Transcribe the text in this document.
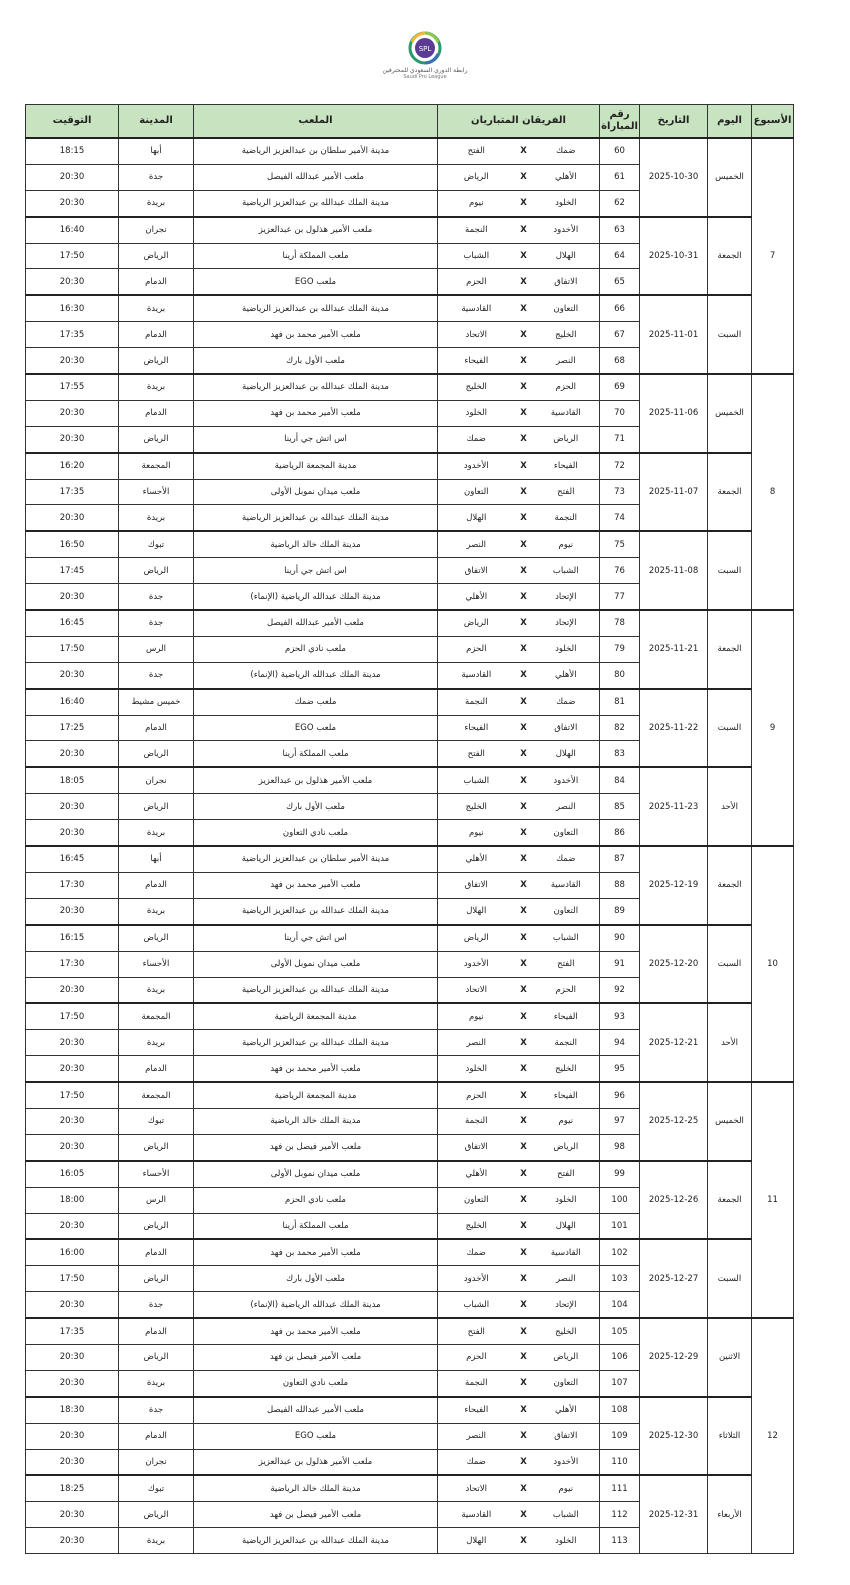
SPL
رابطة الدوري السعودي للمحترفين
Saudi Pro League
الأسبوع	اليوم	التاريخ	رقم المباراة	الفريقان المتباريان			الملعب	المدينة	التوقيت
7	الخميس	2025-10-30	60	ضمك	X	الفتح	مدينة الأمير سلطان بن عبدالعزيز الرياضية	أبها	18:15
			61	الأهلي	X	الرياض	ملعب الأمير عبدالله الفيصل	جدة	20:30
			62	الخلود	X	نيوم	مدينة الملك عبدالله بن عبدالعزيز الرياضية	بريدة	20:30
	الجمعة	2025-10-31	63	الأخدود	X	النجمة	ملعب الأمير هذلول بن عبدالعزيز	نجران	16:40
			64	الهلال	X	الشباب	ملعب المملكة أرينا	الرياض	17:50
			65	الاتفاق	X	الحزم	ملعب EGO	الدمام	20:30
	السبت	2025-11-01	66	التعاون	X	القادسية	مدينة الملك عبدالله بن عبدالعزيز الرياضية	بريدة	16:30
			67	الخليج	X	الاتحاد	ملعب الأمير محمد بن فهد	الدمام	17:35
			68	النصر	X	الفيحاء	ملعب الأول بارك	الرياض	20:30
8	الخميس	2025-11-06	69	الحزم	X	الخليج	مدينة الملك عبدالله بن عبدالعزيز الرياضية	بريدة	17:55
			70	القادسية	X	الخلود	ملعب الأمير محمد بن فهد	الدمام	20:30
			71	الرياض	X	ضمك	اس اتش جي أرينا	الرياض	20:30
	الجمعة	2025-11-07	72	الفيحاء	X	الأخدود	مدينة المجمعة الرياضية	المجمعة	16:20
			73	الفتح	X	التعاون	ملعب ميدان نموبل الأولى	الأحساء	17:35
			74	النجمة	X	الهلال	مدينة الملك عبدالله بن عبدالعزيز الرياضية	بريدة	20:30
	السبت	2025-11-08	75	نيوم	X	النصر	مدينة الملك خالد الرياضية	تبوك	16:50
			76	الشباب	X	الاتفاق	اس اتش جي أرينا	الرياض	17:45
			77	الإتحاد	X	الأهلي	مدينة الملك عبدالله الرياضية (الإنماء)	جدة	20:30
9	الجمعة	2025-11-21	78	الإتحاد	X	الرياض	ملعب الأمير عبدالله الفيصل	جدة	16:45
			79	الخلود	X	الحزم	ملعب نادي الحزم	الرس	17:50
			80	الأهلي	X	القادسية	مدينة الملك عبدالله الرياضية (الإنماء)	جدة	20:30
	السبت	2025-11-22	81	ضمك	X	النجمة	ملعب ضمك	خميس مشيط	16:40
			82	الاتفاق	X	الفيحاء	ملعب EGO	الدمام	17:25
			83	الهلال	X	الفتح	ملعب المملكة أرينا	الرياض	20:30
	الأحد	2025-11-23	84	الأخدود	X	الشباب	ملعب الأمير هذلول بن عبدالعزيز	نجران	18:05
			85	النصر	X	الخليج	ملعب الأول بارك	الرياض	20:30
			86	التعاون	X	نيوم	ملعب نادي التعاون	بريدة	20:30
10	الجمعة	2025-12-19	87	ضمك	X	الأهلي	مدينة الأمير سلطان بن عبدالعزيز الرياضية	أبها	16:45
			88	القادسية	X	الاتفاق	ملعب الأمير محمد بن فهد	الدمام	17:30
			89	التعاون	X	الهلال	مدينة الملك عبدالله بن عبدالعزيز الرياضية	بريدة	20:30
	السبت	2025-12-20	90	الشباب	X	الرياض	اس اتش جي أرينا	الرياض	16:15
			91	الفتح	X	الأخدود	ملعب ميدان نموبل الأولى	الأحساء	17:30
			92	الحزم	X	الاتحاد	مدينة الملك عبدالله بن عبدالعزيز الرياضية	بريدة	20:30
	الأحد	2025-12-21	93	الفيحاء	X	نيوم	مدينة المجمعة الرياضية	المجمعة	17:50
			94	النجمة	X	النصر	مدينة الملك عبدالله بن عبدالعزيز الرياضية	بريدة	20:30
			95	الخليج	X	الخلود	ملعب الأمير محمد بن فهد	الدمام	20:30
11	الخميس	2025-12-25	96	الفيحاء	X	الحزم	مدينة المجمعة الرياضية	المجمعة	17:50
			97	نيوم	X	النجمة	مدينة الملك خالد الرياضية	تبوك	20:30
			98	الرياض	X	الاتفاق	ملعب الأمير فيصل بن فهد	الرياض	20:30
	الجمعة	2025-12-26	99	الفتح	X	الأهلي	ملعب ميدان نموبل الأولى	الأحساء	16:05
			100	الخلود	X	التعاون	ملعب نادي الحزم	الرس	18:00
			101	الهلال	X	الخليج	ملعب المملكة أرينا	الرياض	20:30
	السبت	2025-12-27	102	القادسية	X	ضمك	ملعب الأمير محمد بن فهد	الدمام	16:00
			103	النصر	X	الأخدود	ملعب الأول بارك	الرياض	17:50
			104	الإتحاد	X	الشباب	مدينة الملك عبدالله الرياضية (الإنماء)	جدة	20:30
12	الاثنين	2025-12-29	105	الخليج	X	الفتح	ملعب الأمير محمد بن فهد	الدمام	17:35
			106	الرياض	X	الحزم	ملعب الأمير فيصل بن فهد	الرياض	20:30
			107	التعاون	X	النجمة	ملعب نادي التعاون	بريدة	20:30
	الثلاثاء	2025-12-30	108	الأهلي	X	الفيحاء	ملعب الأمير عبدالله الفيصل	جدة	18:30
			109	الاتفاق	X	النصر	ملعب EGO	الدمام	20:30
			110	الأخدود	X	ضمك	ملعب الأمير هذلول بن عبدالعزيز	نجران	20:30
	الأربعاء	2025-12-31	111	نيوم	X	الاتحاد	مدينة الملك خالد الرياضية	تبوك	18:25
			112	الشباب	X	القادسية	ملعب الأمير فيصل بن فهد	الرياض	20:30
			113	الخلود	X	الهلال	مدينة الملك عبدالله بن عبدالعزيز الرياضية	بريدة	20:30
